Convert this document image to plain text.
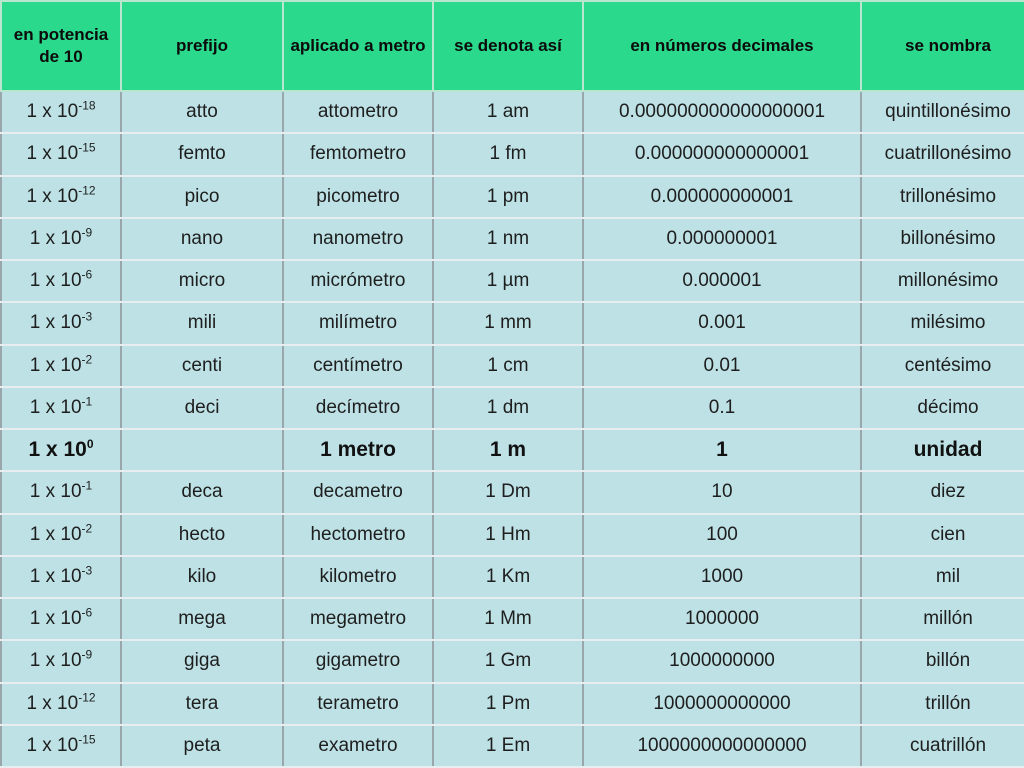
en potencia de 10	prefijo	aplicado a metro	se denota así	en números decimales	se nombra
1 x $10^{-18}$	atto	attometro	1 am	0.000000000000000001	quintillonésimo
1 x $10^{-15}$	femto	femtometro	1 fm	0.000000000000001	cuatrillonésimo
1 x $10^{-12}$	pico	picometro	1 pm	0.000000000001	trillonésimo
1 x $10^{-9}$	nano	nanometro	1 nm	0.000000001	billonésimo
1 x $10^{-6}$	micro	micrómetro	1 µm	0.000001	millonésimo
1 x $10^{-3}$	mili	milímetro	1 mm	0.001	milésimo
1 x $10^{-2}$	centi	centímetro	1 cm	0.01	centésimo
1 x $10^{-1}$	deci	decímetro	1 dm	0.1	décimo
1 x $10^0$		1 metro	1 m	1	unidad
1 x $10^{-1}$	deca	decametro	1 Dm	10	diez
1 x $10^{-2}$	hecto	hectometro	1 Hm	100	cien
1 x $10^{-3}$	kilo	kilometro	1 Km	1000	mil
1 x $10^{-6}$	mega	megametro	1 Mm	1000000	millón
1 x $10^{-9}$	giga	gigametro	1 Gm	1000000000	billón
1 x $10^{-12}$	tera	terametro	1 Pm	1000000000000	trillón
1 x $10^{-15}$	peta	exametro	1 Em	1000000000000000	cuatrillón
